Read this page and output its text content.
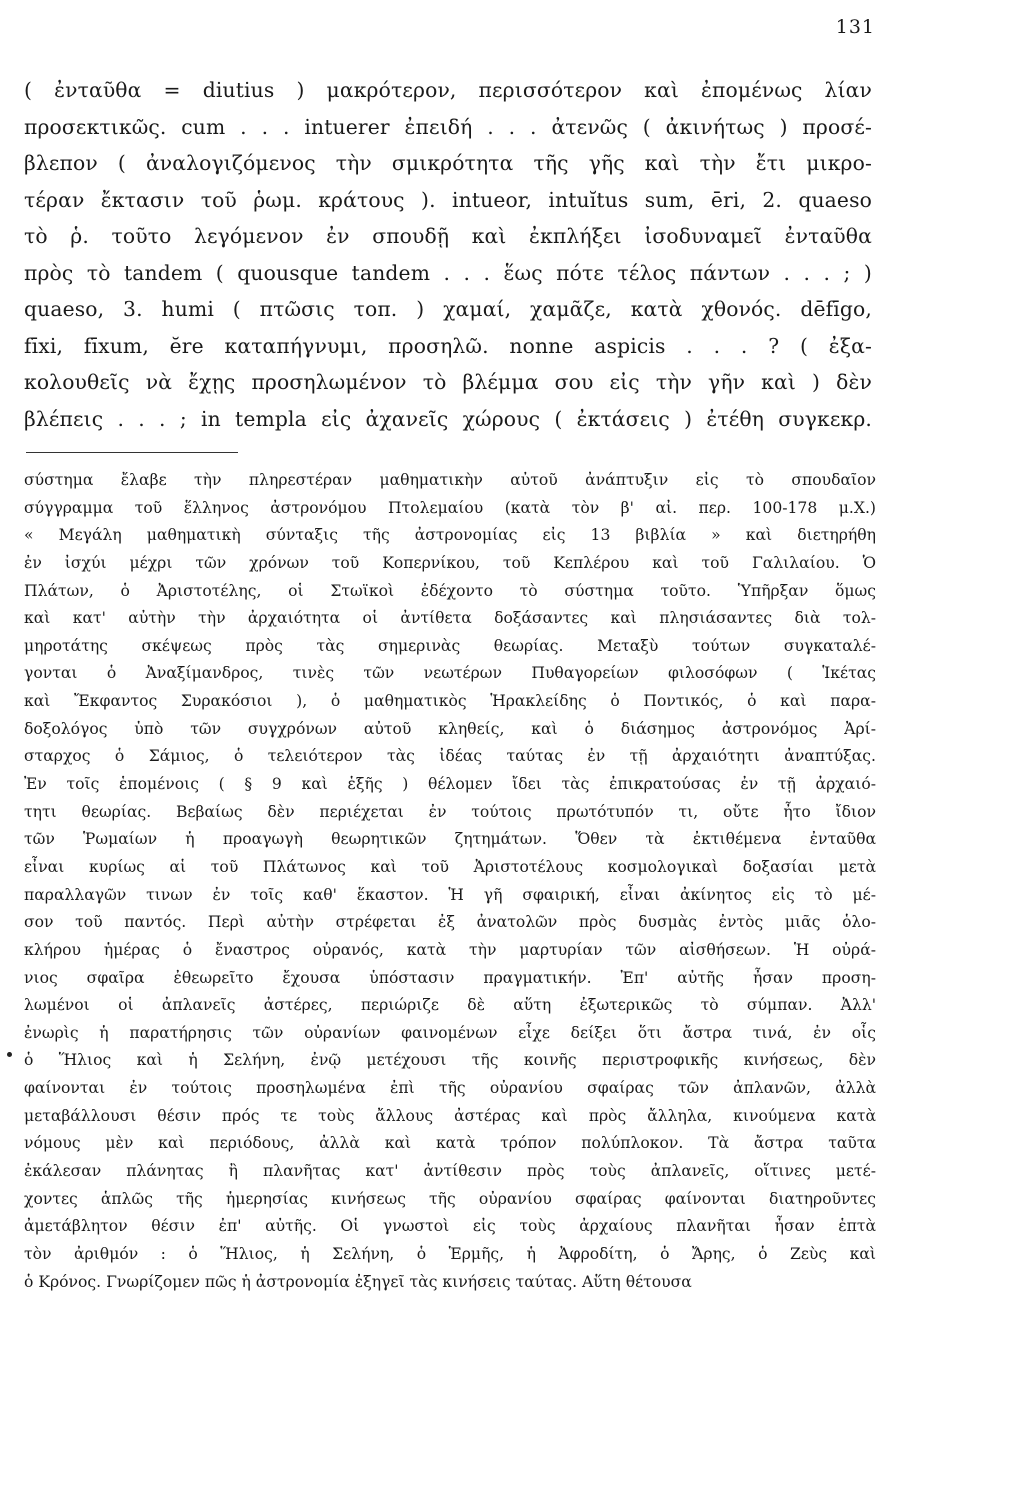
131
( ἐνταῦθα = diutius ) μακρότερον, περισσότερον καὶ ἐπομένως λίαν
προσεκτικῶς. cum . . . intuerer ἐπειδή . . . ἀτενῶς ( ἀκινήτως ) προσέ-
βλεπον ( ἀναλογιζόμενος τὴν σμικρότητα τῆς γῆς καὶ τὴν ἔτι μικρο-
τέραν ἔκτασιν τοῦ ῥωμ. κράτους ). intueor, intuĭtus sum, ēri, 2. quaeso
τὸ ῥ. τοῦτο λεγόμενον ἐν σπουδῇ καὶ ἐκπλήξει ἰσοδυναμεῖ ἐνταῦθα
πρὸς τὸ tandem ( quousque tandem . . . ἕως πότε τέλος πάντων . . . ; )
quaeso, 3. humi ( πτῶσις τοπ. ) χαμαί, χαμᾶζε, κατὰ χθονός. dēfīgo,
fīxi, fīxum, ĕre καταπήγνυμι, προσηλῶ. nonne aspicis . . . ? ( ἐξα-
κολουθεῖς νὰ ἔχῃς προσηλωμένον τὸ βλέμμα σου εἰς τὴν γῆν καὶ ) δὲν
βλέπεις . . . ; in templa εἰς ἀχανεῖς χώρους ( ἐκτάσεις ) ἐτέθη συγκεκρ.
σύστημα ἔλαβε τὴν πληρεστέραν μαθηματικὴν αὐτοῦ ἀνάπτυξιν εἰς τὸ σπουδαῖον
σύγγραμμα τοῦ ἕλληνος ἀστρονόμου Πτολεμαίου (κατὰ τὸν β' αἰ. περ. 100-178 μ.Χ.)
« Μεγάλη μαθηματικὴ σύνταξις τῆς ἀστρονομίας εἰς 13 βιβλία » καὶ διετηρήθη
ἐν ἰσχύι μέχρι τῶν χρόνων τοῦ Κοπερνίκου, τοῦ Κεπλέρου καὶ τοῦ Γαλιλαίου. Ὁ
Πλάτων, ὁ Ἀριστοτέλης, οἱ Στωϊκοὶ ἐδέχοντο τὸ σύστημα τοῦτο. Ὑπῆρξαν ὅμως
καὶ κατ' αὐτὴν τὴν ἀρχαιότητα οἱ ἀντίθετα δοξάσαντες καὶ πλησιάσαντες διὰ τολ-
μηροτάτης σκέψεως πρὸς τὰς σημερινὰς θεωρίας. Μεταξὺ τούτων συγκαταλέ-
γονται ὁ Ἀναξίμανδρος, τινὲς τῶν νεωτέρων Πυθαγορείων φιλοσόφων ( Ἱκέτας
καὶ Ἔκφαντος Συρακόσιοι ), ὁ μαθηματικὸς Ἡρακλείδης ὁ Ποντικός, ὁ καὶ παρα-
δοξολόγος ὑπὸ τῶν συγχρόνων αὐτοῦ κληθείς, καὶ ὁ διάσημος ἀστρονόμος Ἀρί-
σταρχος ὁ Σάμιος, ὁ τελειότερον τὰς ἰδέας ταύτας ἐν τῇ ἀρχαιότητι ἀναπτύξας.
Ἐν τοῖς ἑπομένοις ( § 9 καὶ ἑξῆς ) θέλομεν ἴδει τὰς ἐπικρατούσας ἐν τῇ ἀρχαιό-
τητι θεωρίας. Βεβαίως δὲν περιέχεται ἐν τούτοις πρωτότυπόν τι, οὔτε ἦτο ἴδιον
τῶν Ῥωμαίων ἡ προαγωγὴ θεωρητικῶν ζητημάτων. Ὅθεν τὰ ἐκτιθέμενα ἐνταῦθα
εἶναι κυρίως αἱ τοῦ Πλάτωνος καὶ τοῦ Ἀριστοτέλους κοσμολογικαὶ δοξασίαι μετὰ
παραλλαγῶν τινων ἐν τοῖς καθ' ἕκαστον. Ἡ γῆ σφαιρική, εἶναι ἀκίνητος εἰς τὸ μέ-
σον τοῦ παντός. Περὶ αὐτὴν στρέφεται ἐξ ἀνατολῶν πρὸς δυσμὰς ἐντὸς μιᾶς ὁλο-
κλήρου ἡμέρας ὁ ἔναστρος οὐρανός, κατὰ τὴν μαρτυρίαν τῶν αἰσθήσεων. Ἡ οὐρά-
νιος σφαῖρα ἐθεωρεῖτο ἔχουσα ὑπόστασιν πραγματικήν. Ἐπ' αὐτῆς ἦσαν προση-
λωμένοι οἱ ἀπλανεῖς ἀστέρες, περιώριζε δὲ αὕτη ἐξωτερικῶς τὸ σύμπαν. Ἀλλ'
ἐνωρὶς ἡ παρατήρησις τῶν οὐρανίων φαινομένων εἶχε δείξει ὅτι ἄστρα τινά, ἐν οἷς
ὁ Ἥλιος καὶ ἡ Σελήνη, ἐνῷ μετέχουσι τῆς κοινῆς περιστροφικῆς κινήσεως, δὲν
φαίνονται ἐν τούτοις προσηλωμένα ἐπὶ τῆς οὐρανίου σφαίρας τῶν ἀπλανῶν, ἀλλὰ
μεταβάλλουσι θέσιν πρός τε τοὺς ἄλλους ἀστέρας καὶ πρὸς ἄλληλα, κινούμενα κατὰ
νόμους μὲν καὶ περιόδους, ἀλλὰ καὶ κατὰ τρόπον πολύπλοκον. Τὰ ἄστρα ταῦτα
ἐκάλεσαν πλάνητας ἢ πλανῆτας κατ' ἀντίθεσιν πρὸς τοὺς ἀπλανεῖς, οἵτινες μετέ-
χοντες ἁπλῶς τῆς ἡμερησίας κινήσεως τῆς οὐρανίου σφαίρας φαίνονται διατηροῦντες
ἀμετάβλητον θέσιν ἐπ' αὐτῆς. Οἱ γνωστοὶ εἰς τοὺς ἀρχαίους πλανῆται ἦσαν ἑπτὰ
τὸν ἀριθμόν : ὁ Ἥλιος, ἡ Σελήνη, ὁ Ἑρμῆς, ἡ Ἀφροδίτη, ὁ Ἄρης, ὁ Ζεὺς καὶ
ὁ Κρόνος. Γνωρίζομεν πῶς ἡ ἀστρονομία ἐξηγεῖ τὰς κινήσεις ταύτας. Αὕτη θέτουσα
